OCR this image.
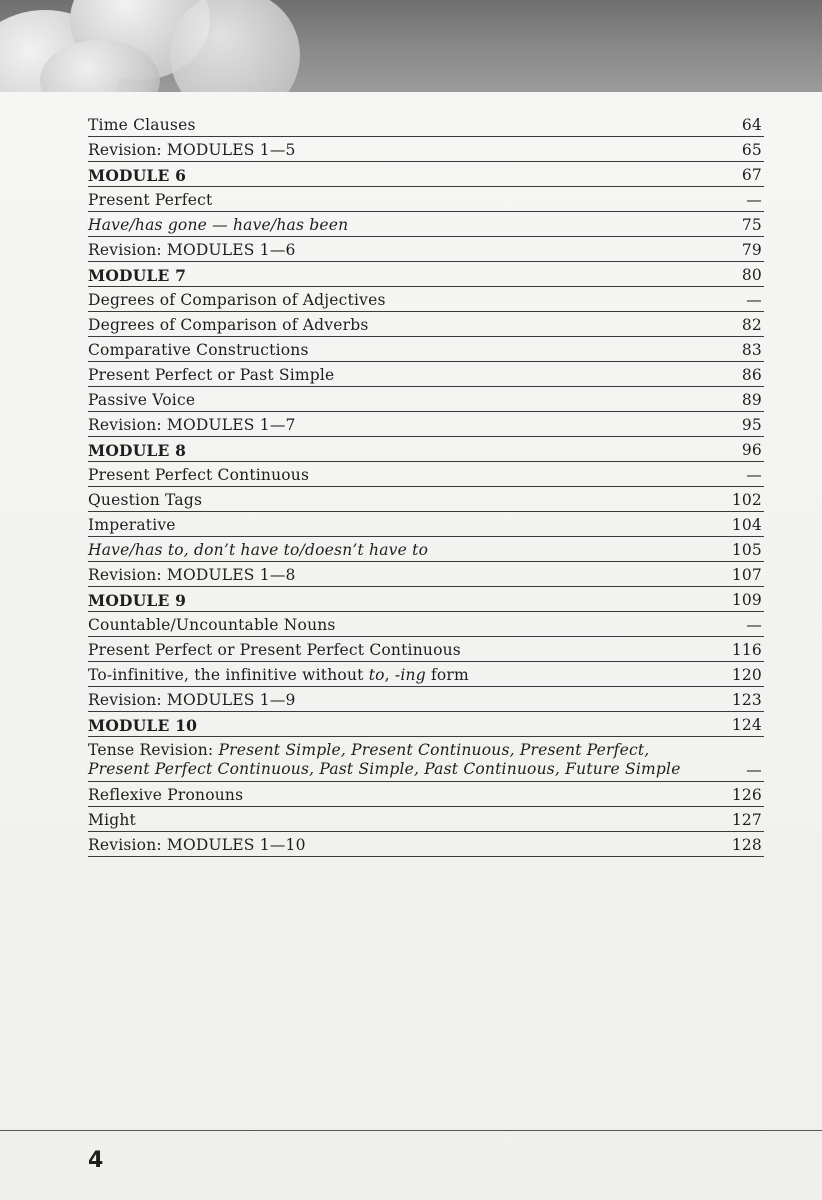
Time Clauses	64
Revision: MODULES 1—5	65
MODULE 6	67
Present Perfect	—
Have/has gone — have/has been	75
Revision: MODULES 1—6	79
MODULE 7	80
Degrees of Comparison of Adjectives	—
Degrees of Comparison of Adverbs	82
Comparative Constructions	83
Present Perfect or Past Simple	86
Passive Voice	89
Revision: MODULES 1—7	95
MODULE 8	96
Present Perfect Continuous	—
Question Tags	102
Imperative	104
Have/has to, don’t have to/doesn’t have to	105
Revision: MODULES 1—8	107
MODULE 9	109
Countable/Uncountable Nouns	—
Present Perfect or Present Perfect Continuous	116
To-infinitive, the infinitive without to, -ing form	120
Revision: MODULES 1—9	123
MODULE 10	124
Tense Revision: Present Simple, Present Continuous, Present Perfect, Present Perfect Continuous, Past Simple, Past Continuous, Future Simple	—
Reflexive Pronouns	126
Might	127
Revision: MODULES 1—10	128
4
